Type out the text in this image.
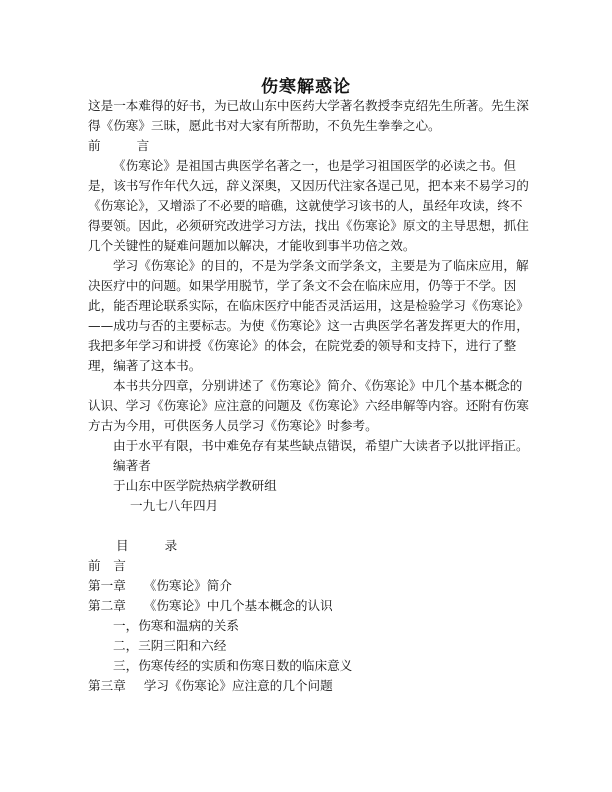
伤寒解惑论

这是一本难得的好书，为已故山东中医药大学著名教授李克绍先生所著。先生深得《伤寒》三昧，愿此书对大家有所帮助，不负先生拳拳之心。

前	言

《伤寒论》是祖国古典医学名著之一，也是学习祖国医学的必读之书。但是，该书写作年代久远，辞义深奥，又因历代注家各逞己见，把本来不易学习的《伤寒论》，又增添了不必要的暗礁，这就使学习该书的人，虽经年攻读，终不得要领。因此，必须研究改进学习方法，找出《伤寒论》原文的主导思想，抓住几个关键性的疑难问题加以解决，才能收到事半功倍之效。

学习《伤寒论》的目的，不是为学条文而学条文，主要是为了临床应用，解决医疗中的问题。如果学用脱节，学了条文不会在临床应用，仍等于不学。因此，能否理论联系实际，在临床医疗中能否灵活运用，这是检验学习《伤寒论》　——成功与否的主要标志。为使《伤寒论》这一古典医学名著发挥更大的作用，我把多年学习和讲授《伤寒论》的体会，在院党委的领导和支持下，进行了整理，编著了这本书。

本书共分四章，分别讲述了《伤寒论》简介、《伤寒论》中几个基本概念的认识、学习《伤寒论》应注意的问题及《伤寒论》六经串解等内容。还附有伤寒方古为今用，可供医务人员学习《伤寒论》时参考。

由于水平有限，书中难免存有某些缺点错误，希望广大读者予以批评指正。

编著者

于山东中医学院热病学教研组

一九七八年四月

目	录

前　言

第一章 《伤寒论》简介

第二章 《伤寒论》中几个基本概念的认识

一，伤寒和温病的关系

二，三阴三阳和六经

三，伤寒传经的实质和伤寒日数的临床意义

第三章 学习《伤寒论》应注意的几个问题
